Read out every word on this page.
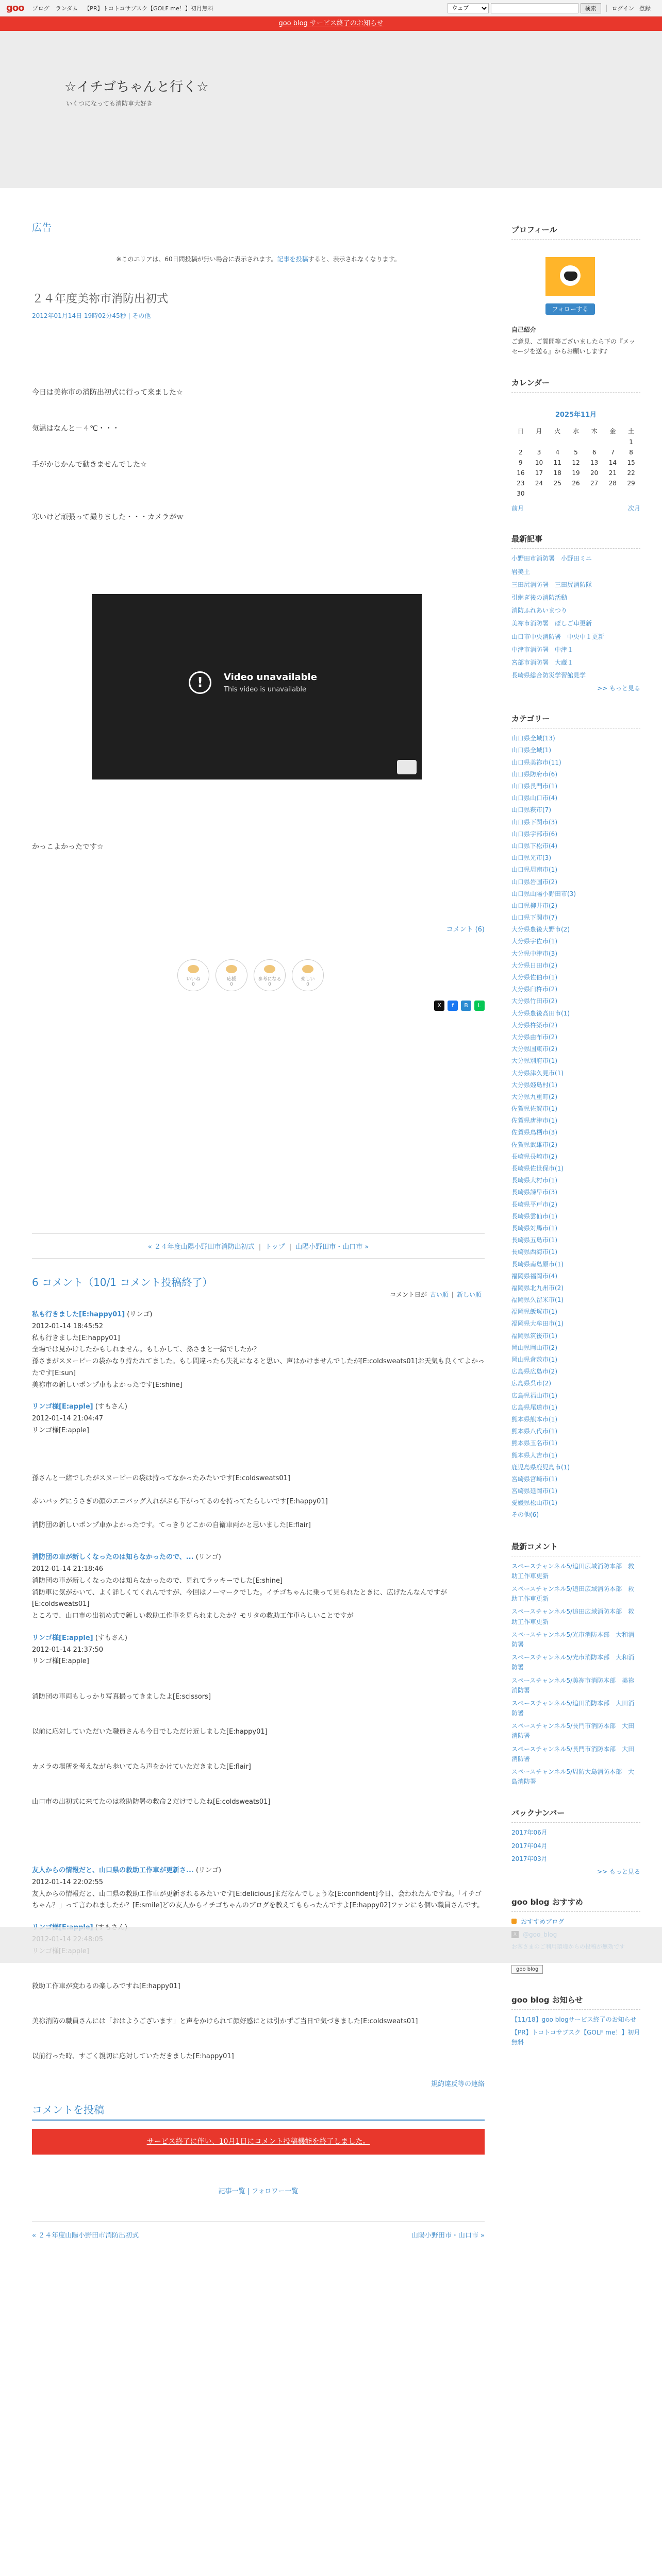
goo ブログ ランダム 【PR】トコトコサブスク【GOLF me！】初月無料
ウェブ	検索	ログイン 登録
goo blog サービス終了のお知らせ
☆イチゴちゃんと行く☆
いくつになっても消防車大好き
広告
※このエリアは、60日間投稿が無い場合に表示されます。記事を投稿すると、表示されなくなります。
２４年度美祢市消防出初式
2012年01月14日 19時02分45秒 | その他

今日は美祢市の消防出初式に行って来ました☆

気温はなんと－４℃・・・

手がかじかんで動きませんでした☆

寒いけど頑張って撮りました・・・カメラがｗ

!	Video unavailable
This video is unavailable

かっこよかったです☆

コメント (6)
いいね
0
応援
0
参考になる
0
楽しい
0
X	f	B	L
« ２４年度山陽小野田市消防出初式 | トップ | 山陽小野田市・山口市 »
6 コメント（10/1 コメント投稿終了）
コメント日が 古い順 | 新しい順
私も行きました[E:happy01] (リンゴ)
2012-01-14 18:45:52
私も行きました[E:happy01]
全場では見かけしたかもしれません。もしかして、孫さまと一緒でしたか？
孫さまがスヌーピーの袋かなり持たれてました。もし間違ったら失礼になると思い、声はかけませんでしたが[E:coldsweats01]お天気も良くてよかったです[E:sun]
美祢市の新しいポンプ車もよかったです[E:shine]
リンゴ様[E:apple] (すもさん)
2012-01-14 21:04:47
リンゴ様[E:apple]
孫さんと一緒でしたがスヌーピーの袋は持ってなかったみたいです[E:coldsweats01]

赤いバッグにうさぎの顔のエコバッグ入れがぶら下がってるのを持ってたらしいです[E:happy01]

消防団の新しいポンプ車かよかったです。てっきりどこかの自衛車両かと思いました[E:flair]
消防団の車が新しくなったのは知らなかったので、... (リンゴ)
2012-01-14 21:18:46
消防団の車が新しくなったのは知らなかったので、見れてラッキーでした[E:shine]
消防車に気がかいて、よく詳しくてくれんですが、今回はノーマークでした。イチゴちゃんに乗って見られたときに、広げたんなんですが[E:coldsweats01]
ところで、山口市の出初め式で新しい救助工作車を見られましたか？モリタの救助工作車らしいことですが
リンゴ様[E:apple] (すもさん)
2012-01-14 21:37:50
リンゴ様[E:apple]

消防団の車両もしっかり写真撮ってきましたよ[E:scissors]

以前に応対していただいた職員さんも今日でしただけ近しました[E:happy01]

カメラの場所を考えながら歩いてたら声をかけていただきました[E:flair]

山口市の出初式に来てたのは救助防署の救命２だけでしたね[E:coldsweats01]
友人からの情報だと、山口県の救助工作車が更新さ... (リンゴ)
2012-01-14 22:02:55
友人からの情報だと、山口県の救助工作車が更新されるみたいです[E:delicious]まだなんでしょうな[E:confident]今日、会われたんですね。「イチゴちゃん？」って言われましたか？[E:smile]どの友人からイチゴちゃんのブログを教えてもらったんですよ[E:happy02]ファンにも個い職員さんです。

救助工作車が変わるの楽しみですね[E:happy01]

美祢消防の職員さんには「おはようございます」と声をかけられて顔好感にとは引かずご当日で気づきました[E:coldsweats01]

以前行った時、すごく親切に応対していただきました[E:happy01]
規約違反等の連絡
コメントを投稿
サービス終了に伴い、10月1日にコメント投稿機能を終了しました。
記事一覧 | フォロワー一覧
« ２４年度山陽小野田市消防出初式	山陽小野田市・山口市 »
プロフィール
フォローする
自己紹介
ご意見、ご質問等ございましたら下の『メッセージを送る』からお願いします♪
カレンダー
2025年11月
日	月	火	水	木	金	土
						1
2	3	4	5	6	7	8
9	10	11	12	13	14	15
16	17	18	19	20	21	22
23	24	25	26	27	28	29
30						
前月	次月
最新記事
小野田市消防署　小野田ミニ
岩美土
三田尻消防署　三田尻消防隊
引継ぎ後の消防活動
消防ふれあいまつり
美祢市消防署　ぼしご車更新
山口市中央消防署　中央中１更新
中津市消防署　中津１
宮部市消防署　大蔵１
長崎県総合防災学習館見学
>> もっと見る
カテゴリー
山口県全域(13)
山口県全域(1)
山口県美祢市(11)
山口県防府市(6)
山口県長門市(1)
山口県山口市(4)
山口県萩市(7)
山口県下関市(3)
山口県宇部市(6)
山口県下松市(4)
山口県光市(3)
山口県周南市(1)
山口県岩国市(2)
山口県山陽小野田市(3)
山口県柳井市(2)
山口県下関市(7)
大分県豊後大野市(2)
大分県宇佐市(1)
大分県中津市(3)
大分県日田市(2)
大分県佐伯市(1)
大分県臼杵市(2)
大分県竹田市(2)
大分県豊後高田市(1)
大分県杵築市(2)
大分県由布市(2)
大分県国東市(2)
大分県別府市(1)
大分県津久見市(1)
大分県姫島村(1)
大分県九重町(2)
佐賀県佐賀市(1)
佐賀県唐津市(1)
佐賀県鳥栖市(3)
佐賀県武雄市(2)
長崎県長崎市(2)
長崎県佐世保市(1)
長崎県大村市(1)
長崎県諫早市(3)
長崎県平戸市(2)
長崎県雲仙市(1)
長崎県対馬市(1)
長崎県五島市(1)
長崎県西海市(1)
長崎県南島原市(1)
福岡県福岡市(4)
福岡県北九州市(2)
福岡県久留米市(1)
福岡県飯塚市(1)
福岡県大牟田市(1)
福岡県筑後市(1)
岡山県岡山市(2)
岡山県倉敷市(1)
広島県広島市(2)
広島県呉市(2)
広島県福山市(1)
広島県尾道市(1)
熊本県熊本市(1)
熊本県八代市(1)
熊本県玉名市(1)
熊本県人吉市(1)
鹿児島県鹿児島市(1)
宮崎県宮崎市(1)
宮崎県延岡市(1)
愛媛県松山市(1)
その他(6)
最新コメント
スペースチャンネル5/追田広域消防本部　救助工作車更新
スペースチャンネル5/追田広域消防本部　救助工作車更新
スペースチャンネル5/追田広域消防本部　救助工作車更新
スペースチャンネル5/光市消防本部　大和消防署
スペースチャンネル5/光市消防本部　大和消防署
スペースチャンネル5/美祢市消防本部　美祢消防署
スペースチャンネル5/追田消防本部　大田消防署
スペースチャンネル5/長門市消防本部　大田消防署
スペースチャンネル5/長門市消防本部　大田消防署
スペースチャンネル5/周防大島消防本部　大島消防署
バックナンバー
2017年06月
2017年04月
2017年03月
>> もっと見る
goo blog おすすめ
おすすめブログ
goo blog
goo blog お知らせ
【11/18】goo blogサービス終了のお知らせ
【PR】トコトコサブスク【GOLF me！】初月無料
